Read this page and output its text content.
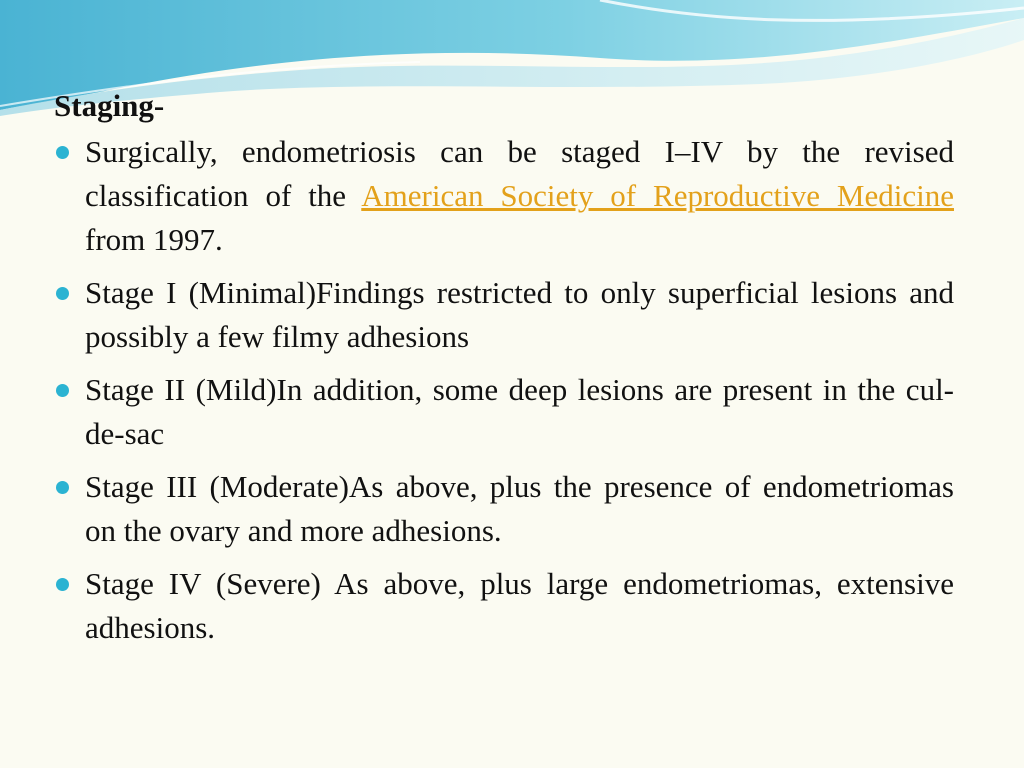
Staging-
Surgically, endometriosis can be staged I–IV by the revised classification of the American Society of Reproductive Medicine from 1997.
Stage I (Minimal)Findings restricted to only superficial lesions and possibly a few filmy adhesions
Stage II (Mild)In addition, some deep lesions are present in the cul-de-sac
Stage III (Moderate)As above, plus the presence of endometriomas on the ovary and more adhesions.
Stage IV (Severe) As above, plus large endometriomas, extensive adhesions.
